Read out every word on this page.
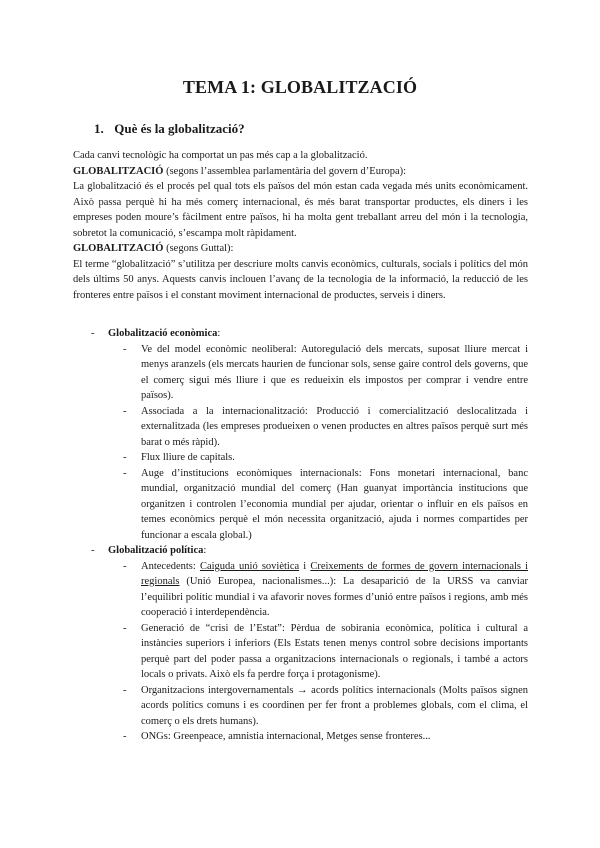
TEMA 1: GLOBALITZACIÓ
1. Què és la globalització?

Cada canvi tecnològic ha comportat un pas més cap a la globalització.

GLOBALITZACIÓ (segons l’assemblea parlamentària del govern d’Europa):

La globalització és el procés pel qual tots els països del món estan cada vegada més units econòmicament. Això passa perquè hi ha més comerç internacional, és més barat transportar productes, els diners i les empreses poden moure’s fàcilment entre països, hi ha molta gent treballant arreu del món i la tecnologia, sobretot la comunicació, s’escampa molt ràpidament.

GLOBALITZACIÓ (segons Guttal):

El terme “globalització” s’utilitza per descriure molts canvis econòmics, culturals, socials i polítics del món dels últims 50 anys. Aquests canvis inclouen l’avanç de la tecnologia de la informació, la reducció de les fronteres entre països i el constant moviment internacional de productes, serveis i diners.

- Globalització econòmica:
- Ve del model econòmic neoliberal: Autoregulació dels mercats, suposat lliure mercat i menys aranzels (els mercats haurien de funcionar sols, sense gaire control dels governs, que el comerç sigui més lliure i que es redueixin els impostos per comprar i vendre entre països).
- Associada a la internacionalització: Producció i comercialització deslocalitzada i externalitzada (les empreses produeixen o venen productes en altres països perquè surt més barat o més ràpid).
- Flux lliure de capitals.
- Auge d’institucions econòmiques internacionals: Fons monetari internacional, banc mundial, organització mundial del comerç (Han guanyat importància institucions que organitzen i controlen l’economia mundial per ajudar, orientar o influir en els països en temes econòmics perquè el món necessita organització, ajuda i normes compartides per funcionar a escala global.)
- Globalització política:
- Antecedents: Caiguda unió soviètica i Creixements de formes de govern internacionals i regionals (Unió Europea, nacionalismes...): La desaparició de la URSS va canviar l’equilibri polític mundial i va afavorir noves formes d’unió entre països i regions, amb més cooperació i interdependència.
- Generació de “crisi de l’Estat”: Pèrdua de sobirania econòmica, política i cultural a instàncies superiors i inferiors (Els Estats tenen menys control sobre decisions importants perquè part del poder passa a organitzacions internacionals o regionals, i també a actors locals o privats. Això els fa perdre força i protagonisme).
- Organitzacions intergovernamentals → acords polítics internacionals (Molts països signen acords polítics comuns i es coordinen per fer front a problemes globals, com el clima, el comerç o els drets humans).
- ONGs: Greenpeace, amnistia internacional, Metges sense fronteres...
